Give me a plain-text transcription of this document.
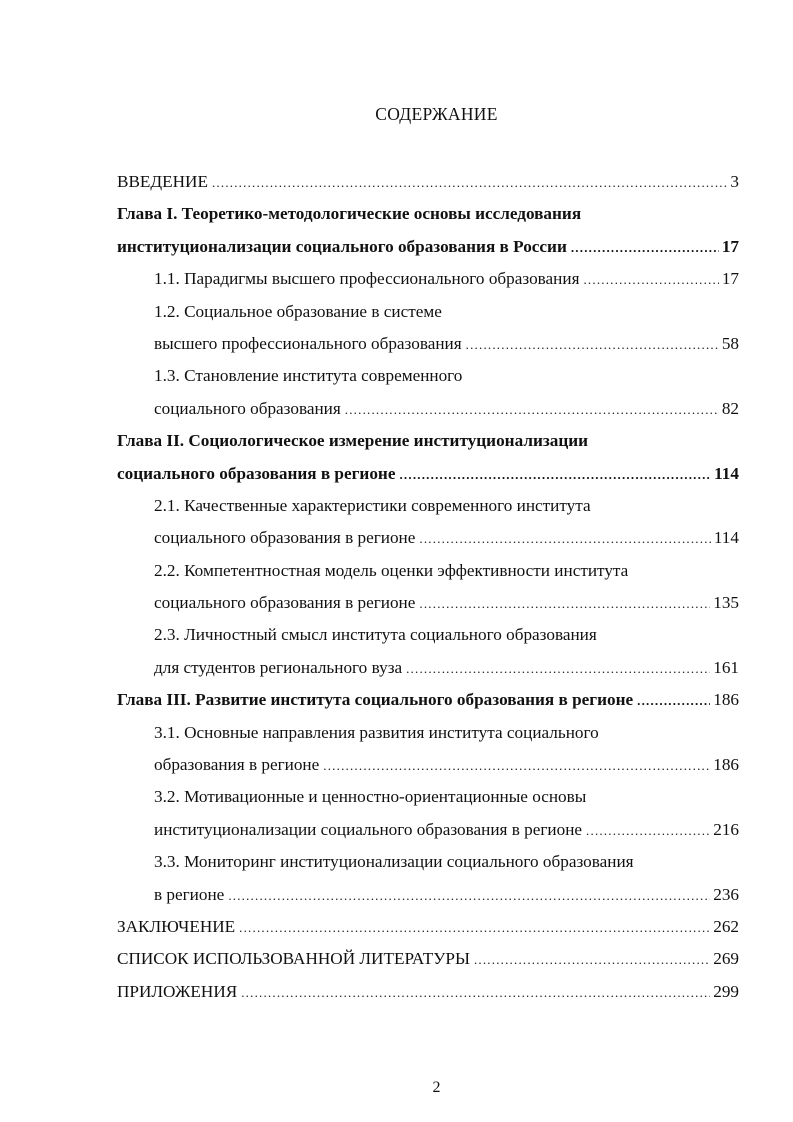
СОДЕРЖАНИЕ
ВВЕДЕНИЕ .....	3
Глава I. Теоретико-методологические основы исследования
институционализации социального образования в России .....	17
1.1. Парадигмы высшего профессионального образования .....	17
1.2. Социальное образование в системе
высшего профессионального образования .....	58
1.3. Становление института современного
социального образования .....	82
Глава II. Социологическое измерение институционализации
социального образования в регионе .....	114
2.1. Качественные характеристики современного института
социального образования в регионе .....	114
2.2. Компетентностная модель оценки эффективности института
социального образования в регионе .....	135
2.3. Личностный смысл института социального образования
для студентов регионального вуза .....	161
Глава III. Развитие института социального образования в регионе .....	186
3.1. Основные направления развития института социального
образования в регионе .....	186
3.2. Мотивационные и ценностно-ориентационные основы
институционализации социального образования в регионе .....	216
3.3. Мониторинг институционализации социального образования
в регионе .....	236
ЗАКЛЮЧЕНИЕ .....	262
СПИСОК ИСПОЛЬЗОВАННОЙ ЛИТЕРАТУРЫ .....	269
ПРИЛОЖЕНИЯ .....	299
2
